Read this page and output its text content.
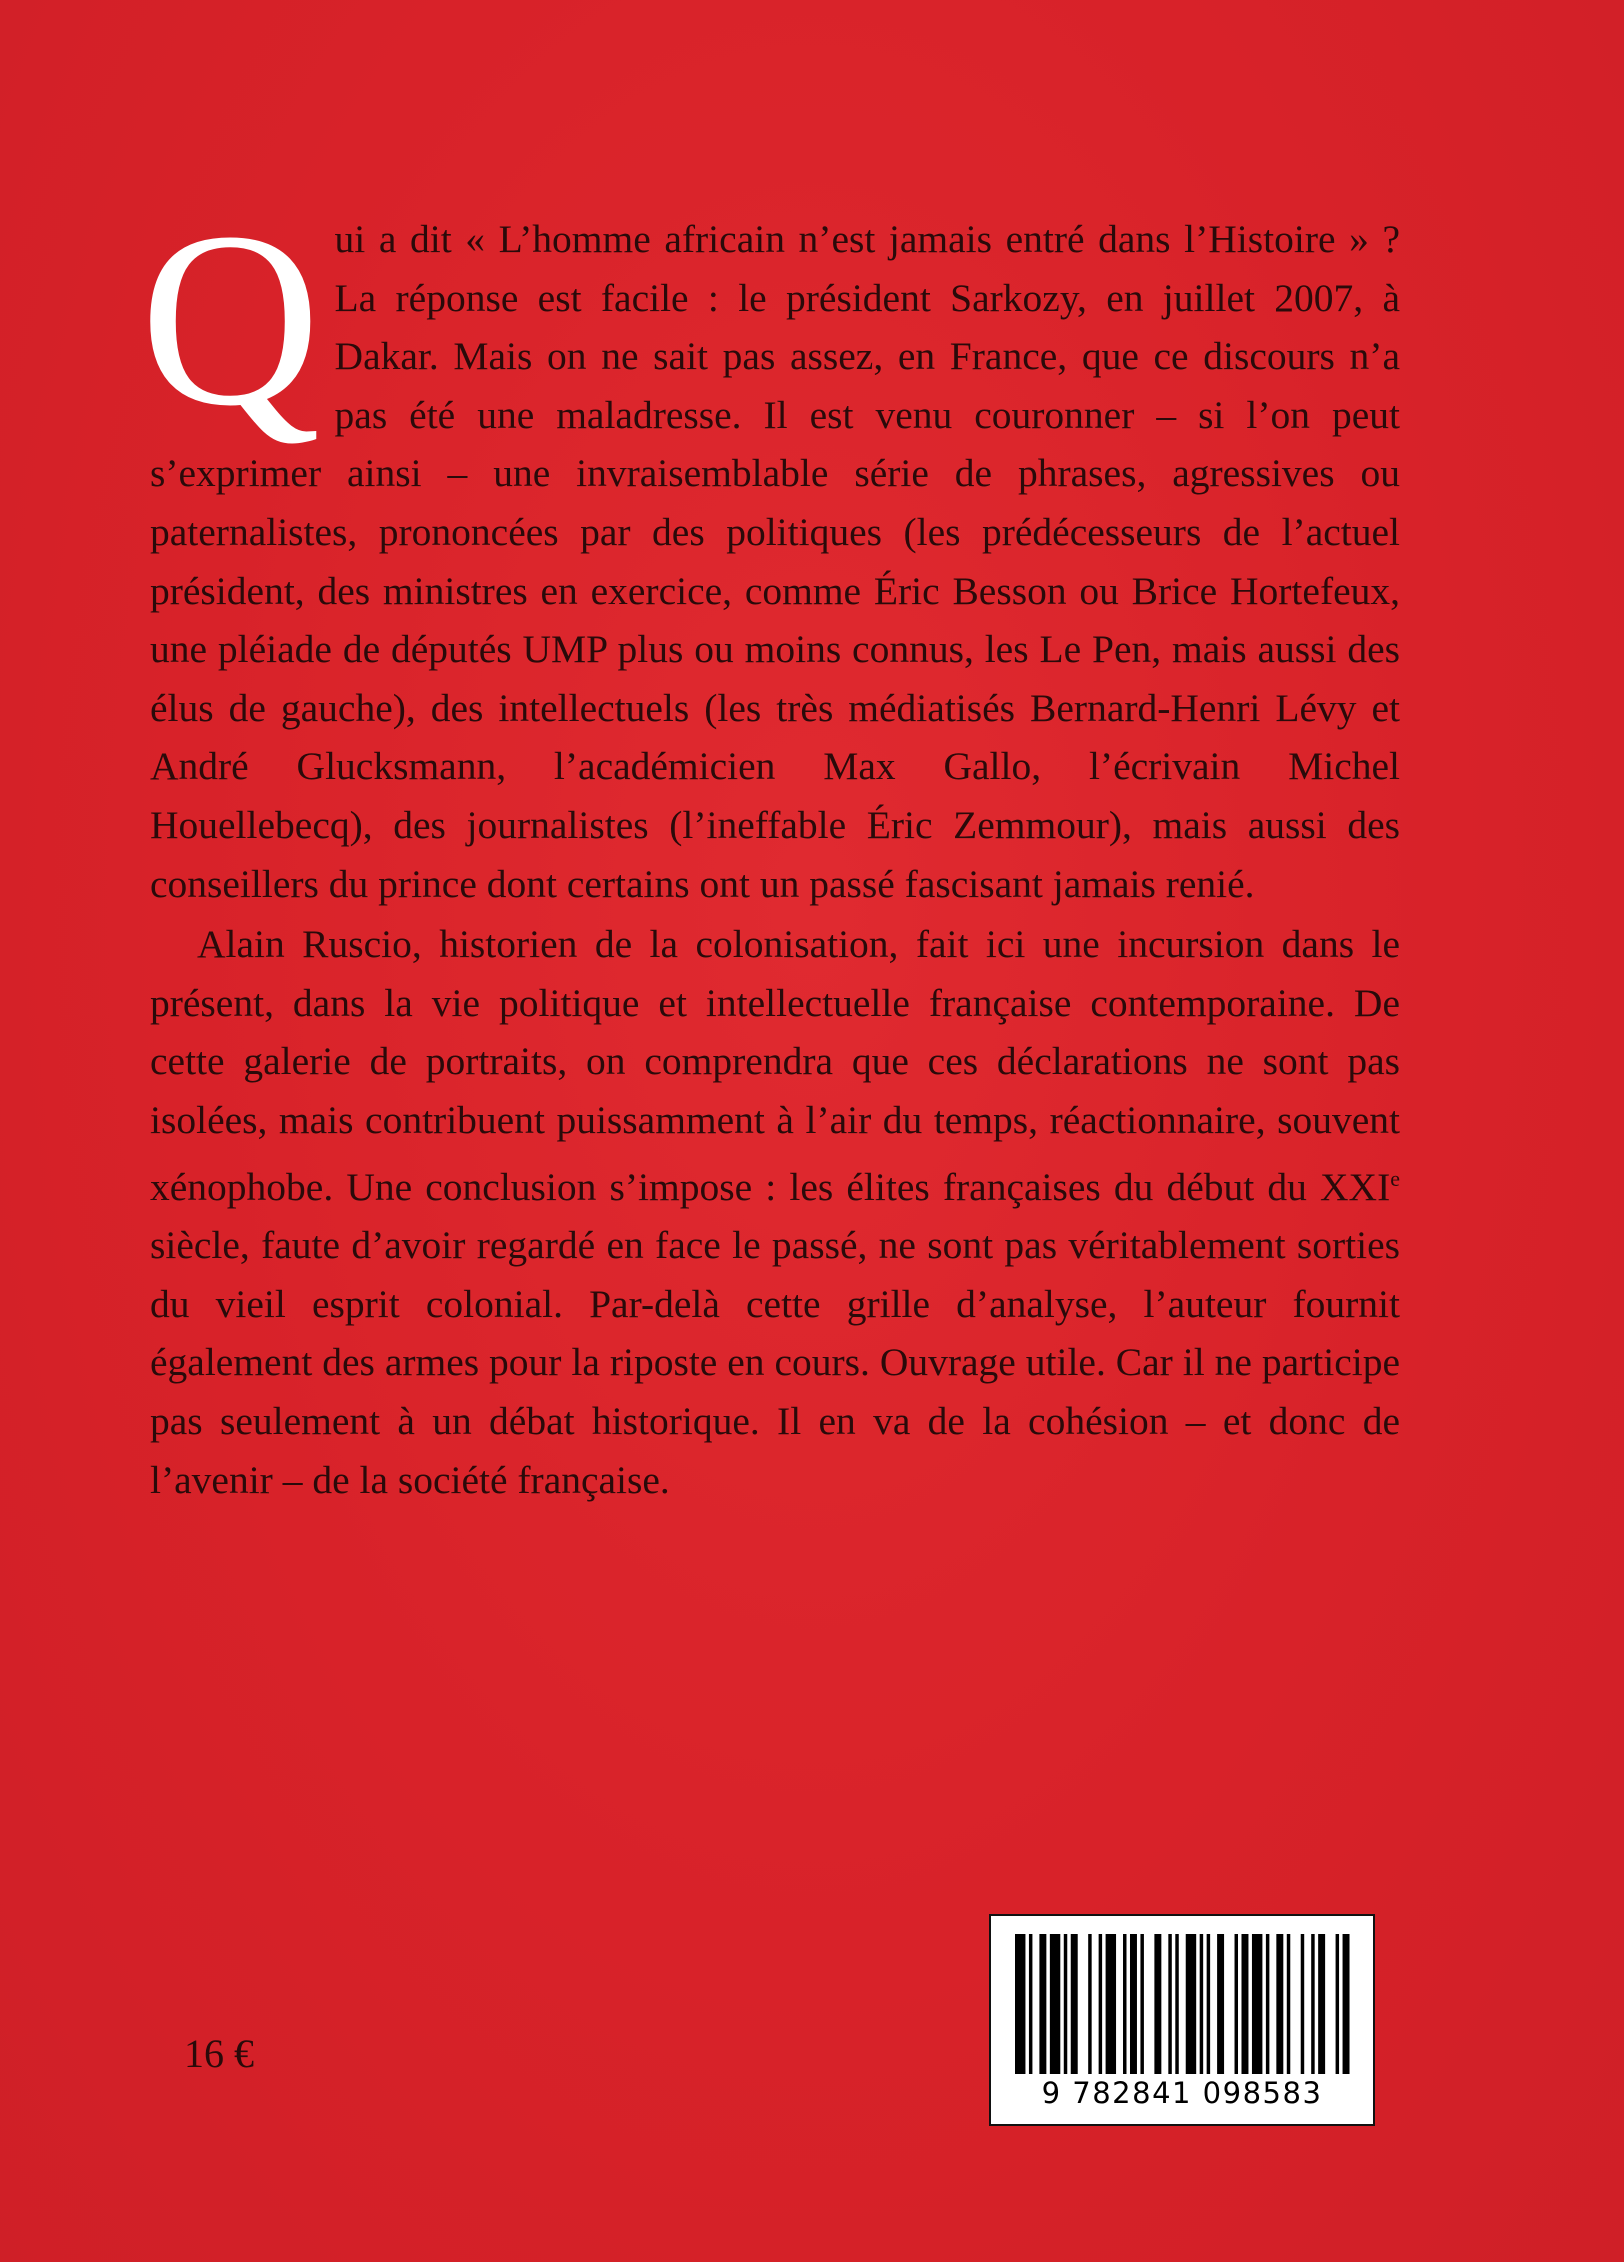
Qui a dit « L’homme africain n’est jamais entré dans l’Histoire » ? La réponse est facile : le président Sarkozy, en juillet 2007, à Dakar. Mais on ne sait pas assez, en France, que ce discours n’a pas été une maladresse. Il est venu couronner – si l’on peut s’exprimer ainsi – une invraisemblable série de phrases, agressives ou paternalistes, prononcées par des politiques (les prédécesseurs de l’actuel président, des ministres en exercice, comme Éric Besson ou Brice Hortefeux, une pléiade de députés UMP plus ou moins connus, les Le Pen, mais aussi des élus de gauche), des intellectuels (les très médiatisés Bernard-Henri Lévy et André Glucksmann, l’académicien Max Gallo, l’écrivain Michel Houellebecq), des journalistes (l’ineffable Éric Zemmour), mais aussi des conseillers du prince dont certains ont un passé fascisant jamais renié.

Alain Ruscio, historien de la colonisation, fait ici une incursion dans le présent, dans la vie politique et intellectuelle française contemporaine. De cette galerie de portraits, on comprendra que ces déclarations ne sont pas isolées, mais contribuent puissamment à l’air du temps, réactionnaire, souvent xénophobe. Une conclusion s’impose : les élites françaises du début du XXIe siècle, faute d’avoir regardé en face le passé, ne sont pas véritablement sorties du vieil esprit colonial. Par-delà cette grille d’analyse, l’auteur fournit également des armes pour la riposte en cours. Ouvrage utile. Car il ne participe pas seulement à un débat historique. Il en va de la cohésion – et donc de l’avenir – de la société française.

16 €
9 782841 098583
